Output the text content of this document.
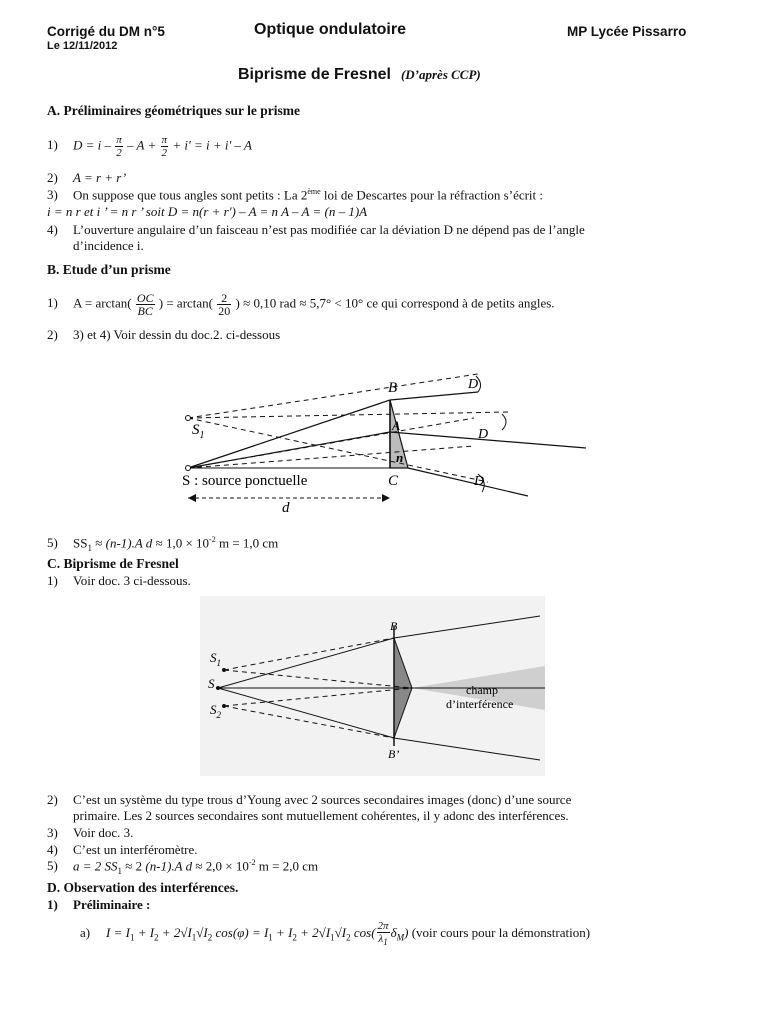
Corrigé du DM n°5
Le 12/11/2012
Optique ondulatoire	MP Lycée Pissarro
Biprisme de Fresnel (D’après CCP)
A. Préliminaires géométriques sur le prisme
1) $D = i - \frac{\pi}{2} - A + \frac{\pi}{2} + i' = i + i' - A$
2) A = r + r’
3) On suppose que tous angles sont petits : La 2ème loi de Descartes pour la réfraction s’écrit :
i = n r et i ’ = n r ’ soit D = n(r + r') – A = n A – A = (n – 1)A
4) L’ouverture angulaire d’un faisceau n’est pas modifiée car la déviation D ne dépend pas de l’angle
d’incidence i.
B. Etude d’un prisme
1) $A = \arctan( \frac{OC}{BC}$ ) = $\arctan( \frac{2}{20}$ ) ≈ 0,10 rad ≈ 5,7° < 10° ce qui correspond à de petits angles.
2) 3) et 4) Voir dessin du doc.2. ci-dessous
B
A
n
C
$S_1$
S : source ponctuelle
d
D
D
D
5) $SS_1 \approx (n-1).A$ $d \approx 1,0 \times 10^{-2}$ m = 1,0 cm
C. Biprisme de Fresnel
1) Voir doc. 3 ci-dessous.
B
B’
$S_1$
S
$S_2$
champ
d’interférence
2) C’est un système du type trous d’Young avec 2 sources secondaires images (donc) d’une source
primaire. Les 2 sources secondaires sont mutuellement cohérentes, il y adonc des interférences.
3) Voir doc. 3.
4) C’est un interféromètre.
5) a = 2 $SS_1 \approx 2$ (n-1).A $d \approx 2,0 \times 10^{-2}$ m = 2,0 cm
D. Observation des interférences.
1) Préliminaire :
a) $I = I_1 + I_2 + 2√I_1√I_2$ $\cos(\varphi) = I_1 + I_2 + 2√I_1√I_2$ $\cos( \frac{2\pi}{\lambda_1} \delta_M)$ (voir cours pour la démonstration)
